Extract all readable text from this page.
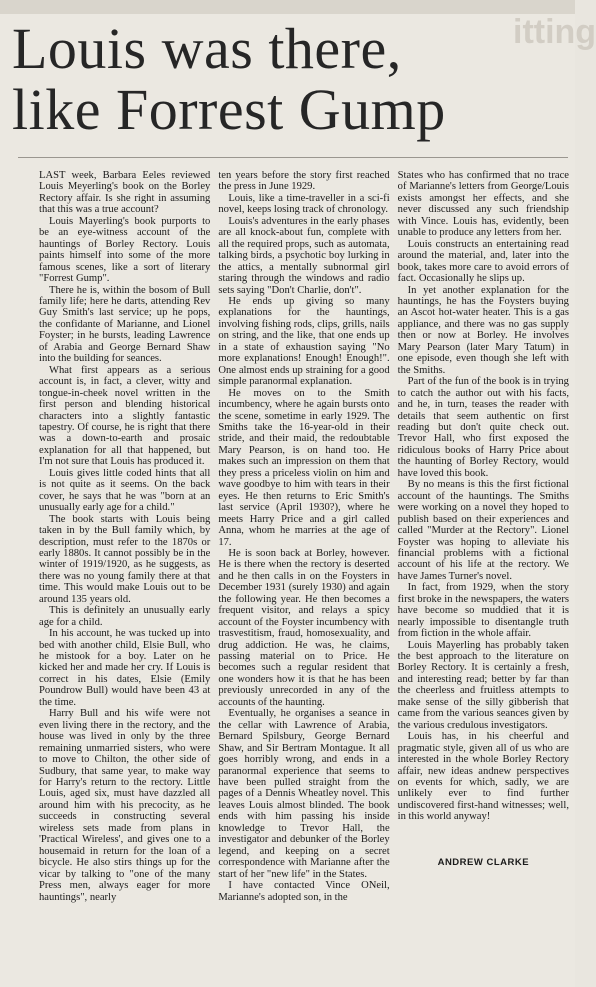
itting
Louis was there,
like Forrest Gump

LAST week, Barbara Eeles reviewed Louis Meyerling's book on the Borley Rectory affair. Is she right in assuming that this was a true account?

Louis Mayerling's book purports to be an eye-witness account of the hauntings of Borley Rectory. Louis paints himself into some of the more famous scenes, like a sort of literary "Forrest Gump".

There he is, within the bosom of Bull family life; here he darts, attending Rev Guy Smith's last service; up he pops, the confidante of Marianne, and Lionel Foyster; in he bursts, leading Lawrence of Arabia and George Bernard Shaw into the building for seances.

What first appears as a serious account is, in fact, a clever, witty and tongue-in-cheek novel written in the first person and blending historical characters into a slightly fantastic tapestry. Of course, he is right that there was a down-to-earth and prosaic explanation for all that happened, but I'm not sure that Louis has produced it.

Louis gives little coded hints that all is not quite as it seems. On the back cover, he says that he was "born at an unusually early age for a child."

The book starts with Louis being taken in by the Bull family which, by description, must refer to the 1870s or early 1880s. It cannot possibly be in the winter of 1919/1920, as he suggests, as there was no young family there at that time. This would make Louis out to be around 135 years old.

This is definitely an unusually early age for a child.

In his account, he was tucked up into bed with another child, Elsie Bull, who he mistook for a boy. Later on he kicked her and made her cry. If Louis is correct in his dates, Elsie (Emily Poundrow Bull) would have been 43 at the time.

Harry Bull and his wife were not even living there in the rectory, and the house was lived in only by the three remaining unmarried sisters, who were to move to Chilton, the other side of Sudbury, that same year, to make way for Harry's return to the rectory. Little Louis, aged six, must have dazzled all around him with his precocity, as he succeeds in constructing several wireless sets made from plans in 'Practical Wireless', and gives one to a housemaid in return for the loan of a bicycle. He also stirs things up for the vicar by talking to "one of the many Press men, always eager for more hauntings", nearly

ten years before the story first reached the press in June 1929.

Louis, like a time-traveller in a sci-fi novel, keeps losing track of chronology.

Louis's adventures in the early phases are all knock-about fun, complete with all the required props, such as automata, talking birds, a psychotic boy lurking in the attics, a mentally subnormal girl staring through the windows and radio sets saying "Don't Charlie, don't".

He ends up giving so many explanations for the hauntings, involving fishing rods, clips, grills, nails on string, and the like, that one ends up in a state of exhaustion saying "No more explanations! Enough! Enough!". One almost ends up straining for a good simple paranormal explanation.

He moves on to the Smith incumbency, where he again bursts onto the scene, sometime in early 1929. The Smiths take the 16-year-old in their stride, and their maid, the redoubtable Mary Pearson, is on hand too. He makes such an impression on them that they press a priceless violin on him and wave goodbye to him with tears in their eyes. He then returns to Eric Smith's last service (April 1930?), where he meets Harry Price and a girl called Anna, whom he marries at the age of 17.

He is soon back at Borley, however. He is there when the rectory is deserted and he then calls in on the Foysters in December 1931 (surely 1930) and again the following year. He then becomes a frequent visitor, and relays a spicy account of the Foyster incumbency with trasvestitism, fraud, homosexuality, and drug addiction. He was, he claims, passing material on to Price. He becomes such a regular resident that one wonders how it is that he has been previously unrecorded in any of the accounts of the haunting.

Eventually, he organises a seance in the cellar with Lawrence of Arabia, Bernard Spilsbury, George Bernard Shaw, and Sir Bertram Montague. It all goes horribly wrong, and ends in a paranormal experience that seems to have been pulled straight from the pages of a Dennis Wheatley novel. This leaves Louis almost blinded. The book ends with him passing his inside knowledge to Trevor Hall, the investigator and debunker of the Borley legend, and keeping on a secret correspondence with Marianne after the start of her "new life" in the States.

I have contacted Vince ONeil, Marianne's adopted son, in the

States who has confirmed that no trace of Marianne's letters from George/Louis exists amongst her effects, and she never discussed any such friendship with Vince. Louis has, evidently, been unable to produce any letters from her.

Louis constructs an entertaining read around the material, and, later into the book, takes more care to avoid errors of fact. Occasionally he slips up.

In yet another explanation for the hauntings, he has the Foysters buying an Ascot hot-water heater. This is a gas appliance, and there was no gas supply then or now at Borley. He involves Mary Pearson (later Mary Tatum) in one episode, even though she left with the Smiths.

Part of the fun of the book is in trying to catch the author out with his facts, and he, in turn, teases the reader with details that seem authentic on first reading but don't quite check out. Trevor Hall, who first exposed the ridiculous books of Harry Price about the haunting of Borley Rectory, would have loved this book.

By no means is this the first fictional account of the hauntings. The Smiths were working on a novel they hoped to publish based on their experiences and called "Murder at the Rectory". Lionel Foyster was hoping to alleviate his financial problems with a fictional account of his life at the rectory. We have James Turner's novel.

In fact, from 1929, when the story first broke in the newspapers, the waters have become so muddied that it is nearly impossible to disentangle truth from fiction in the whole affair.

Louis Mayerling has probably taken the best approach to the literature on Borley Rectory. It is certainly a fresh, and interesting read; better by far than the cheerless and fruitless attempts to make sense of the silly gibberish that came from the various seances given by the various credulous investigators.

Louis has, in his cheerful and pragmatic style, given all of us who are interested in the whole Borley Rectory affair, new ideas andnew perspectives on events for which, sadly, we are unlikely ever to find further undiscovered first-hand witnesses; well, in this world anyway!

ANDREW CLARKE
